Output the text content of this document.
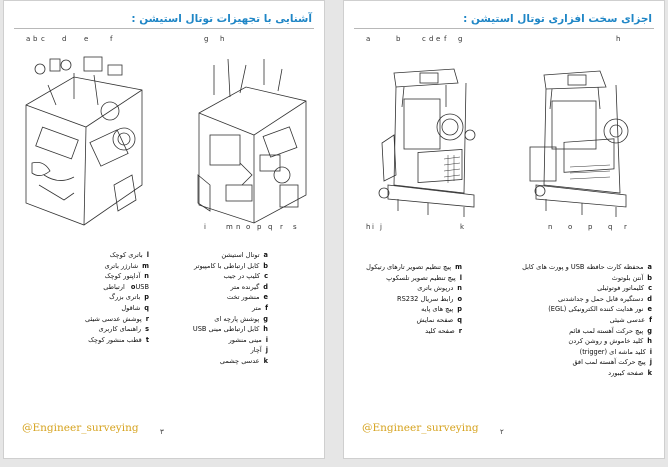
آشنایی با تجهیزات توتال استیشن :
a b c d	e	f	g h
i	m n o p q r s
aتوتال استیشن
bکابل ارتباطی با کامپیوتر
cکلیپ در جیب
dگیرنده متر
eمنشور تخت
fمتر
gپوشش پارچه ای
hکابل ارتباطی مینی USB
iمینی منشور
jآچار
kعدسی چشمی
lباتری کوچک
mشارژر باتری
nآداپتور کوچک
oUSB ارتباطی
pباتری بزرگ
qشاقول
rپوشش عدسی شیئی
sراهنمای کاربری
tقطب منشور کوچک
@Engineer_surveying	۳
اجزای سخت افزاری توتال استیشن :
a	b	c d e f g	h
h i j	k	n o p q r
aمحفظه کارت حافظه USB و پورت های کابل
bآنتن بلوتوث
cکلیماتور فوتوئیلی
dدستگیره قابل حمل و جداشدنی
eنور هدایت کننده الکترونیکی (EGL)
fعدسی شیئی
gپیچ حرکت آهسته لمب قائم
hکلید خاموش و روشن کردن
iکلید ماشه ای (trigger)
jپیچ حرکت آهسته لمب افق
kصفحه کیبورد
mپیچ تنظیم تصویر تارهای رتیکول
lپیچ تنظیم تصویر تلسکوپ
nدرپوش باتری
oرابط سریال RS232
pپیچ های پایه
qصفحه نمایش
rصفحه کلید
@Engineer_surveying	۲
